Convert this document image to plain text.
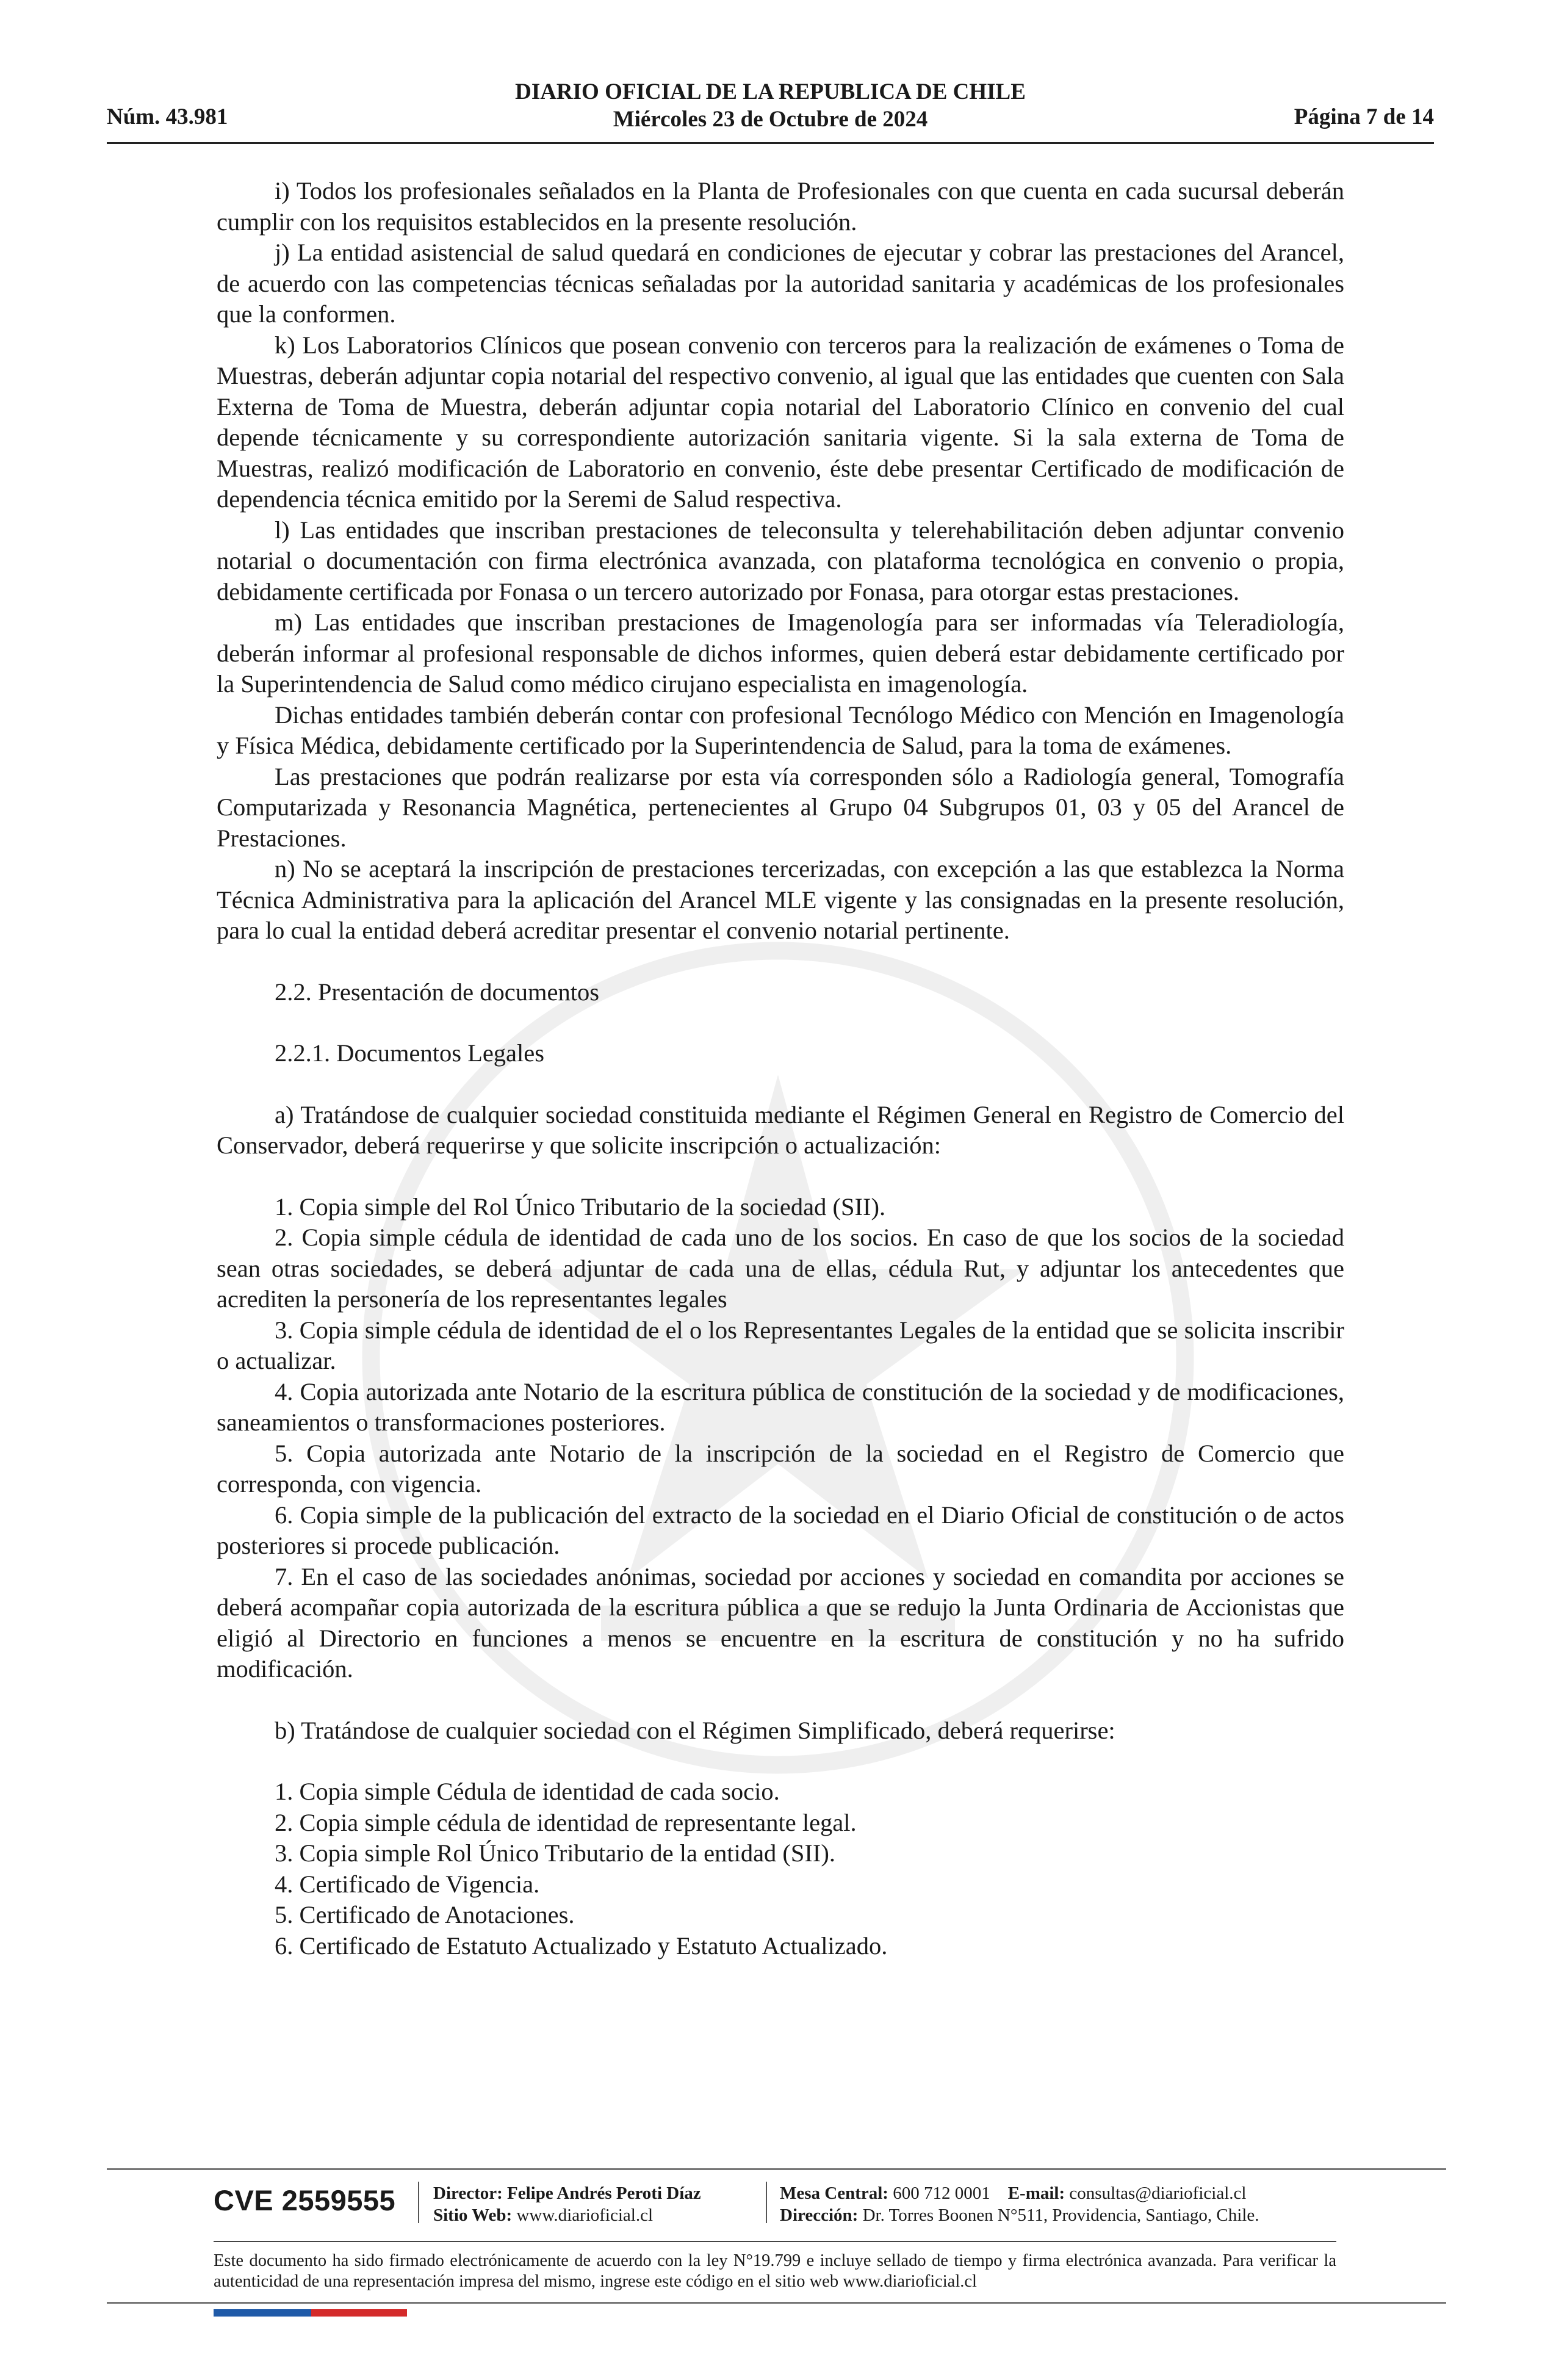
Núm. 43.981
DIARIO OFICIAL DE LA REPUBLICA DE CHILE
Miércoles 23 de Octubre de 2024	Página 7 de 14

i) Todos los profesionales señalados en la Planta de Profesionales con que cuenta en cada sucursal deberán cumplir con los requisitos establecidos en la presente resolución.

j) La entidad asistencial de salud quedará en condiciones de ejecutar y cobrar las prestaciones del Arancel, de acuerdo con las competencias técnicas señaladas por la autoridad sanitaria y académicas de los profesionales que la conformen.

k) Los Laboratorios Clínicos que posean convenio con terceros para la realización de exámenes o Toma de Muestras, deberán adjuntar copia notarial del respectivo convenio, al igual que las entidades que cuenten con Sala Externa de Toma de Muestra, deberán adjuntar copia notarial del Laboratorio Clínico en convenio del cual depende técnicamente y su correspondiente autorización sanitaria vigente. Si la sala externa de Toma de Muestras, realizó modificación de Laboratorio en convenio, éste debe presentar Certificado de modificación de dependencia técnica emitido por la Seremi de Salud respectiva.

l) Las entidades que inscriban prestaciones de teleconsulta y telerehabilitación deben adjuntar convenio notarial o documentación con firma electrónica avanzada, con plataforma tecnológica en convenio o propia, debidamente certificada por Fonasa o un tercero autorizado por Fonasa, para otorgar estas prestaciones.

m) Las entidades que inscriban prestaciones de Imagenología para ser informadas vía Teleradiología, deberán informar al profesional responsable de dichos informes, quien deberá estar debidamente certificado por la Superintendencia de Salud como médico cirujano especialista en imagenología.

Dichas entidades también deberán contar con profesional Tecnólogo Médico con Mención en Imagenología y Física Médica, debidamente certificado por la Superintendencia de Salud, para la toma de exámenes.

Las prestaciones que podrán realizarse por esta vía corresponden sólo a Radiología general, Tomografía Computarizada y Resonancia Magnética, pertenecientes al Grupo 04 Subgrupos 01, 03 y 05 del Arancel de Prestaciones.

n) No se aceptará la inscripción de prestaciones tercerizadas, con excepción a las que establezca la Norma Técnica Administrativa para la aplicación del Arancel MLE vigente y las consignadas en la presente resolución, para lo cual la entidad deberá acreditar presentar el convenio notarial pertinente.

2.2. Presentación de documentos

2.2.1. Documentos Legales

a) Tratándose de cualquier sociedad constituida mediante el Régimen General en Registro de Comercio del Conservador, deberá requerirse y que solicite inscripción o actualización:

1. Copia simple del Rol Único Tributario de la sociedad (SII).

2. Copia simple cédula de identidad de cada uno de los socios. En caso de que los socios de la sociedad sean otras sociedades, se deberá adjuntar de cada una de ellas, cédula Rut, y adjuntar los antecedentes que acrediten la personería de los representantes legales

3. Copia simple cédula de identidad de el o los Representantes Legales de la entidad que se solicita inscribir o actualizar.

4. Copia autorizada ante Notario de la escritura pública de constitución de la sociedad y de modificaciones, saneamientos o transformaciones posteriores.

5. Copia autorizada ante Notario de la inscripción de la sociedad en el Registro de Comercio que corresponda, con vigencia.

6. Copia simple de la publicación del extracto de la sociedad en el Diario Oficial de constitución o de actos posteriores si procede publicación.

7. En el caso de las sociedades anónimas, sociedad por acciones y sociedad en comandita por acciones se deberá acompañar copia autorizada de la escritura pública a que se redujo la Junta Ordinaria de Accionistas que eligió al Directorio en funciones a menos se encuentre en la escritura de constitución y no ha sufrido modificación.

b) Tratándose de cualquier sociedad con el Régimen Simplificado, deberá requerirse:

1. Copia simple Cédula de identidad de cada socio.

2. Copia simple cédula de identidad de representante legal.

3. Copia simple Rol Único Tributario de la entidad (SII).

4. Certificado de Vigencia.

5. Certificado de Anotaciones.

6. Certificado de Estatuto Actualizado y Estatuto Actualizado.

CVE 2559555 Director: Felipe Andrés Peroti Díaz
Sitio Web: www.diarioficial.cl
Mesa Central: 600 712 0001 E-mail: consultas@diarioficial.cl
Dirección: Dr. Torres Boonen N°511, Providencia, Santiago, Chile.
Este documento ha sido firmado electrónicamente de acuerdo con la ley N°19.799 e incluye sellado de tiempo y firma electrónica avanzada. Para verificar la autenticidad de una representación impresa del mismo, ingrese este código en el sitio web www.diarioficial.cl
